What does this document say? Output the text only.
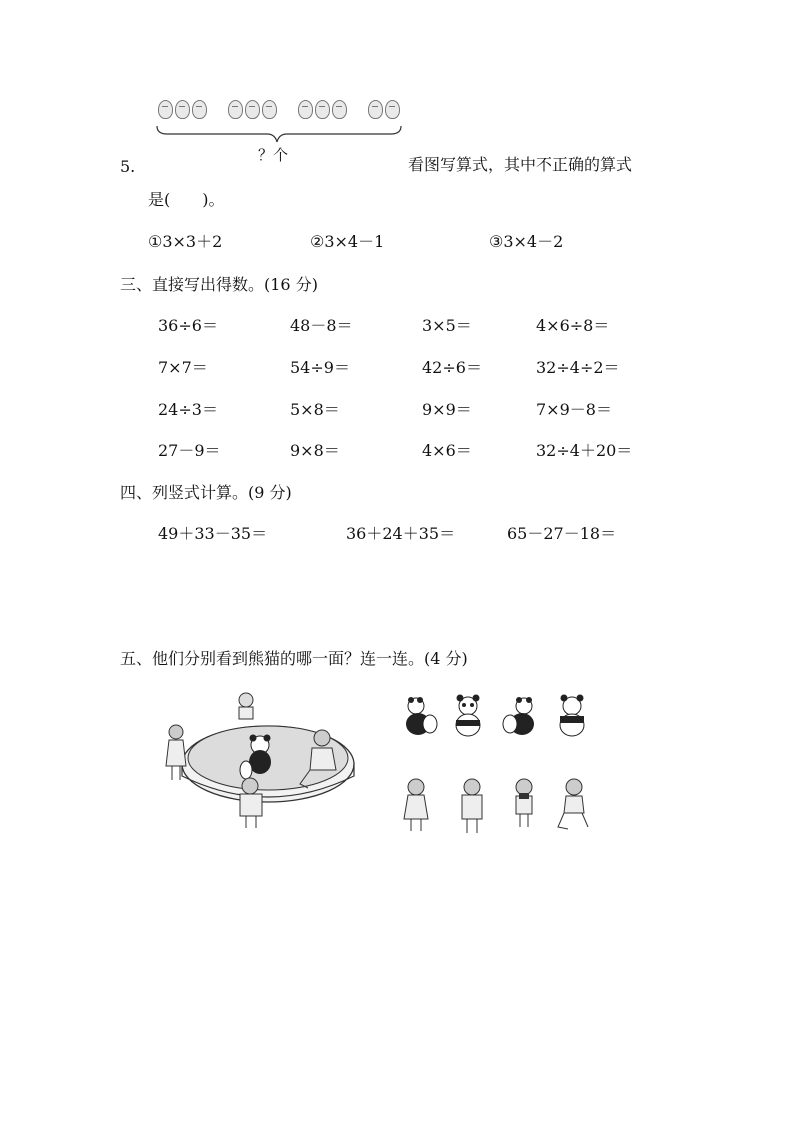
？个
5.	看图写算式，其中不正确的算式
是(　　)。
①3×3＋2	②3×4－1	③3×4－2
三、直接写出得数。(16 分)
36÷6＝	48－8＝	3×5＝	4×6÷8＝
7×7＝	54÷9＝	42÷6＝	32÷4÷2＝
24÷3＝	5×8＝	9×9＝	7×9－8＝
27－9＝	9×8＝	4×6＝	32÷4＋20＝
四、列竖式计算。(9 分)
49＋33－35＝	36＋24＋35＝	65－27－18＝
五、他们分别看到熊猫的哪一面？连一连。(4 分)
